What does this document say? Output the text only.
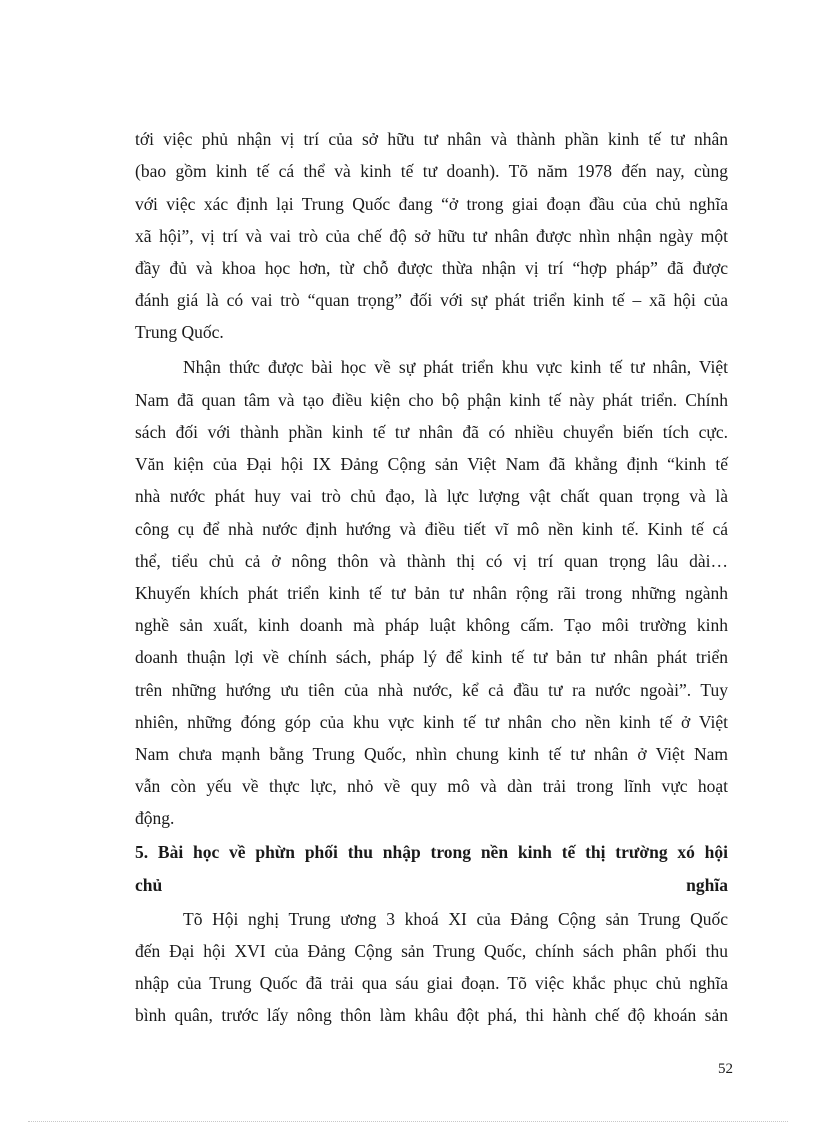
tới việc phủ nhận vị trí của sở hữu tư nhân và thành phần kinh tế tư nhân
(bao gồm kinh tế cá thể và kinh tế tư doanh). Tõ năm 1978 đến nay, cùng
với việc xác định lại Trung Quốc đang “ở trong giai đoạn đầu của chủ nghĩa
xã hội”, vị trí và vai trò của chế độ sở hữu tư nhân được nhìn nhận ngày một
đầy đủ và khoa học hơn, từ chỗ được thừa nhận vị trí “hợp pháp” đã được
đánh giá là có vai trò “quan trọng” đối với sự phát triển kinh tế – xã hội của
Trung Quốc.
Nhận thức được bài học về sự phát triển khu vực kinh tế tư nhân, Việt
Nam đã quan tâm và tạo điều kiện cho bộ phận kinh tế này phát triển. Chính
sách đối với thành phần kinh tế tư nhân đã có nhiều chuyển biến tích cực.
Văn kiện của Đại hội IX Đảng Cộng sản Việt Nam đã khẳng định “kinh tế
nhà nước phát huy vai trò chủ đạo, là lực lượng vật chất quan trọng và là
công cụ để nhà nước định hướng và điều tiết vĩ mô nền kinh tế. Kinh tế cá
thể, tiểu chủ cả ở nông thôn và thành thị có vị trí quan trọng lâu dài…
Khuyến khích phát triển kinh tế tư bản tư nhân rộng rãi trong những ngành
nghề sản xuất, kinh doanh mà pháp luật không cấm. Tạo môi trường kinh
doanh thuận lợi về chính sách, pháp lý để kinh tế tư bản tư nhân phát triển
trên những hướng ưu tiên của nhà nước, kể cả đầu tư ra nước ngoài”. Tuy
nhiên, những đóng góp của khu vực kinh tế tư nhân cho nền kinh tế ở Việt
Nam chưa mạnh bằng Trung Quốc, nhìn chung kinh tế tư nhân ở Việt Nam
vẫn còn yếu về thực lực, nhỏ về quy mô và dàn trải trong lĩnh vực hoạt
động.
5. Bài học về phừn phối thu nhập trong nền kinh tế thị trường xó hội
chủ	nghĩa
Tõ Hội nghị Trung ương 3 khoá XI của Đảng Cộng sản Trung Quốc
đến Đại hội XVI của Đảng Cộng sản Trung Quốc, chính sách phân phối thu
nhập của Trung Quốc đã trải qua sáu giai đoạn. Tõ việc khắc phục chủ nghĩa
bình quân, trước lấy nông thôn làm khâu đột phá, thi hành chế độ khoán sản
52
